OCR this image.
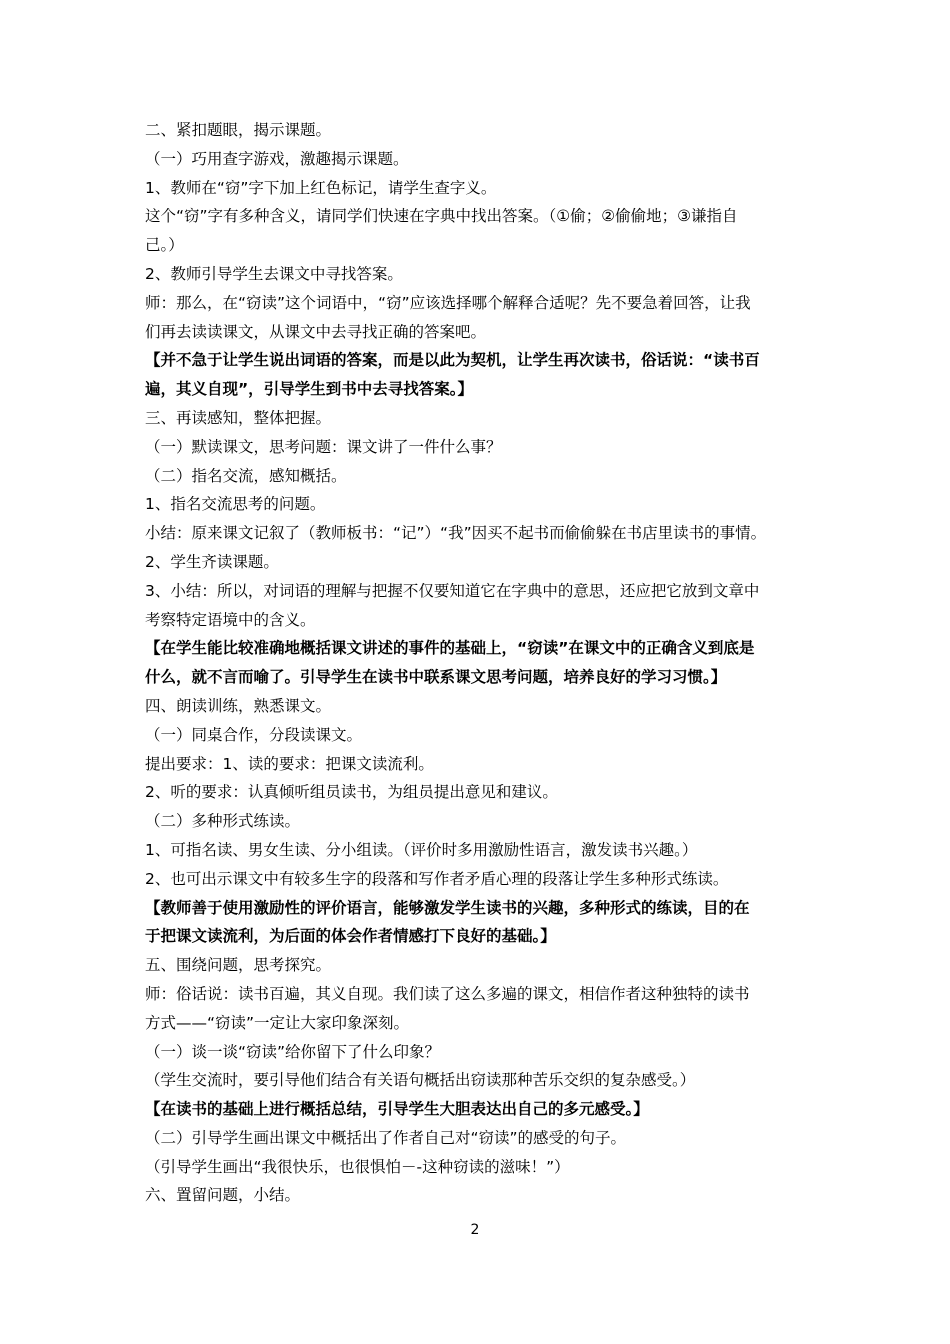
二、紧扣题眼，揭示课题。
（一）巧用查字游戏，激趣揭示课题。
1、教师在“窃”字下加上红色标记，请学生查字义。
这个“窃”字有多种含义，请同学们快速在字典中找出答案。（①偷；②偷偷地；③谦指自
己。）
2、教师引导学生去课文中寻找答案。
师：那么，在“窃读”这个词语中，“窃”应该选择哪个解释合适呢？先不要急着回答，让我
们再去读读课文，从课文中去寻找正确的答案吧。
【并不急于让学生说出词语的答案，而是以此为契机，让学生再次读书，俗话说：“读书百
遍，其义自现”，引导学生到书中去寻找答案。】
三、再读感知，整体把握。
（一）默读课文，思考问题：课文讲了一件什么事？
（二）指名交流，感知概括。
1、指名交流思考的问题。
小结：原来课文记叙了（教师板书：“记”）“我”因买不起书而偷偷躲在书店里读书的事情。
2、学生齐读课题。
3、小结：所以，对词语的理解与把握不仅要知道它在字典中的意思，还应把它放到文章中
考察特定语境中的含义。
【在学生能比较准确地概括课文讲述的事件的基础上，“窃读”在课文中的正确含义到底是
什么，就不言而喻了。引导学生在读书中联系课文思考问题，培养良好的学习习惯。】
四、朗读训练，熟悉课文。
（一）同桌合作，分段读课文。
提出要求：1、读的要求：把课文读流利。
2、听的要求：认真倾听组员读书，为组员提出意见和建议。
（二）多种形式练读。
1、可指名读、男女生读、分小组读。（评价时多用激励性语言，激发读书兴趣。）
2、也可出示课文中有较多生字的段落和写作者矛盾心理的段落让学生多种形式练读。
【教师善于使用激励性的评价语言，能够激发学生读书的兴趣，多种形式的练读，目的在
于把课文读流利，为后面的体会作者情感打下良好的基础。】
五、围绕问题，思考探究。
师：俗话说：读书百遍，其义自现。我们读了这么多遍的课文，相信作者这种独特的读书
方式——“窃读”一定让大家印象深刻。
（一）谈一谈“窃读”给你留下了什么印象？
（学生交流时，要引导他们结合有关语句概括出窃读那种苦乐交织的复杂感受。）
【在读书的基础上进行概括总结，引导学生大胆表达出自己的多元感受。】
（二）引导学生画出课文中概括出了作者自己对“窃读”的感受的句子。
（引导学生画出“我很快乐，也很惧怕－-这种窃读的滋味！”）
六、置留问题，小结。
2
